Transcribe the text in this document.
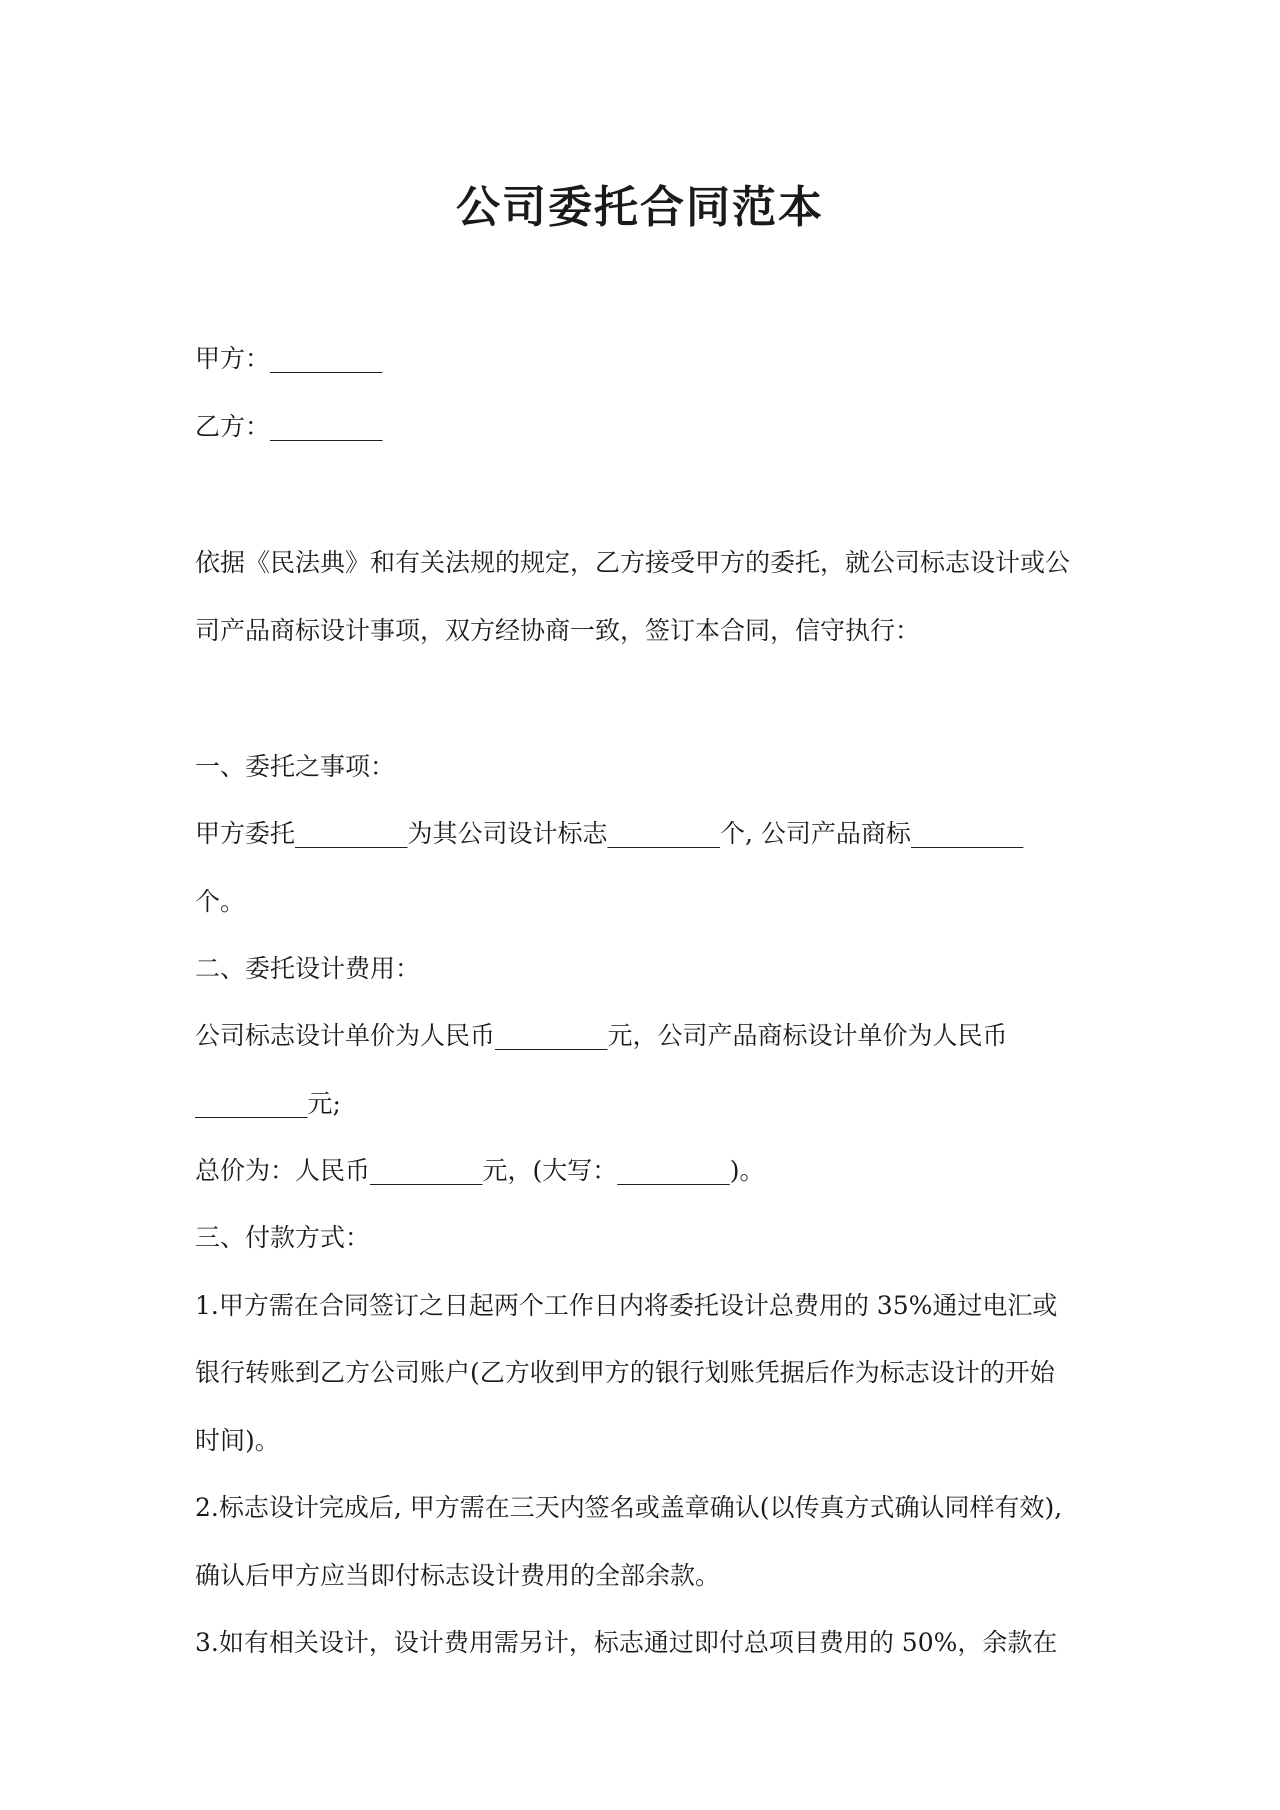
公司委托合同范本
甲方：_________
乙方：_________
依据《民法典》和有关法规的规定，乙方接受甲方的委托，就公司标志设计或公
司产品商标设计事项，双方经协商一致，签订本合同，信守执行：
一、委托之事项：
甲方委托_________为其公司设计标志_________个, 公司产品商标_________
个。
二、委托设计费用：
公司标志设计单价为人民币_________元，公司产品商标设计单价为人民币
_________元;
总价为：人民币_________元，(大写：_________)。
三、付款方式：
1.甲方需在合同签订之日起两个工作日内将委托设计总费用的 35%通过电汇或
银行转账到乙方公司账户(乙方收到甲方的银行划账凭据后作为标志设计的开始
时间)。
2.标志设计完成后, 甲方需在三天内签名或盖章确认(以传真方式确认同样有效),
确认后甲方应当即付标志设计费用的全部余款。
3.如有相关设计，设计费用需另计，标志通过即付总项目费用的 50%，余款在
